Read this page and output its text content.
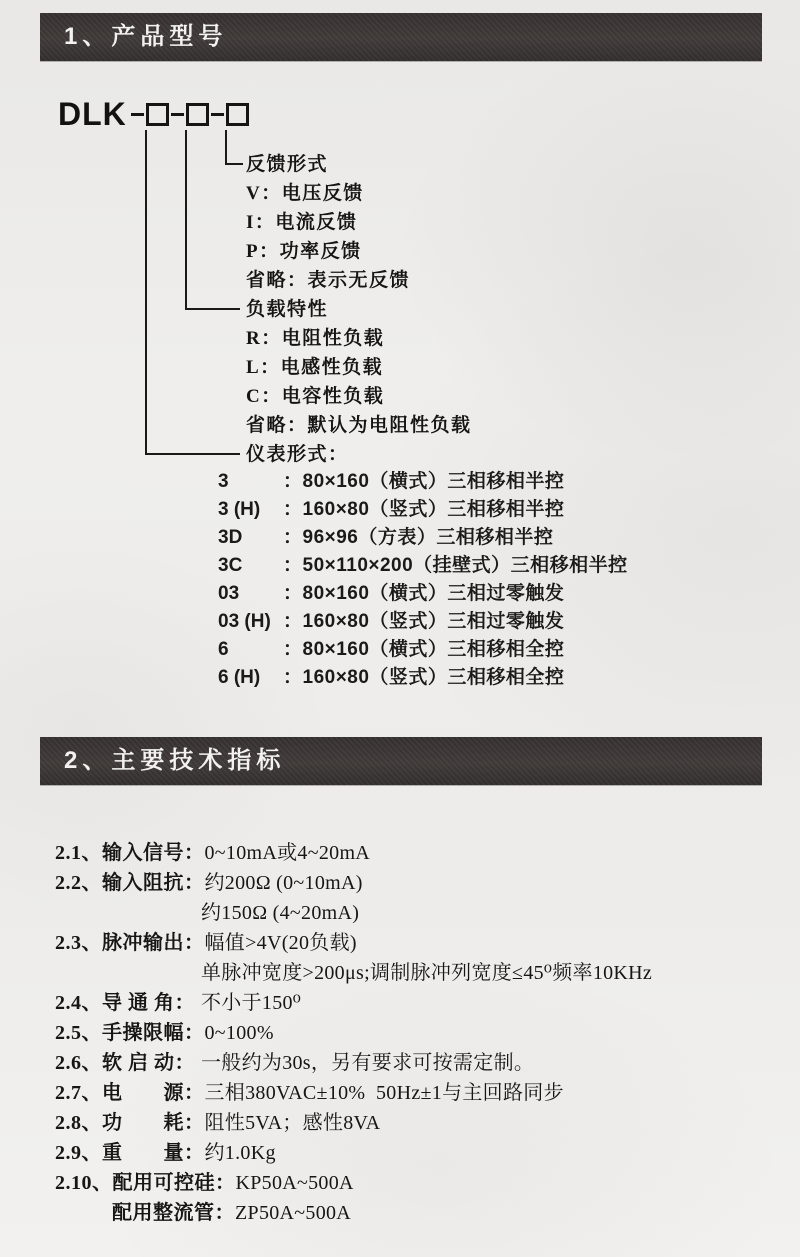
1、产品型号
DLK
反馈形式
V：电压反馈
I：电流反馈
P：功率反馈
省略：表示无反馈
负载特性
R：电阻性负载
L：电感性负载
C：电容性负载
省略：默认为电阻性负载
仪表形式：
3	：80×160（横式）三相移相半控
3 (H)	：160×80（竖式）三相移相半控
3D	：96×96（方表）三相移相半控
3C	：50×110×200（挂壁式）三相移相半控
03	：80×160（横式）三相过零触发
03 (H) ：160×80（竖式）三相过零触发
6	：80×160（横式）三相移相全控
6 (H)	：160×80（竖式）三相移相全控
2、主要技术指标
2.1、输入信号： 0~10mA或4~20mA
2.2、输入阻抗： 约200Ω (0~10mA)
约150Ω (4~20mA)
2.3、脉冲输出： 幅值>4V(20负载)
单脉冲宽度>200μs;调制脉冲列宽度≤45⁰频率10KHz
2.4、导 通 角： 不小于150⁰
2.5、手操限幅： 0~100%
2.6、软 启 动： 一般约为30s，另有要求可按需定制。
2.7、电　　源： 三相380VAC±10%  50Hz±1与主回路同步
2.8、功　　耗： 阻性5VA；感性8VA
2.9、重　　量： 约1.0Kg
2.10、配用可控硅： KP50A~500A
配用整流管： ZP50A~500A
